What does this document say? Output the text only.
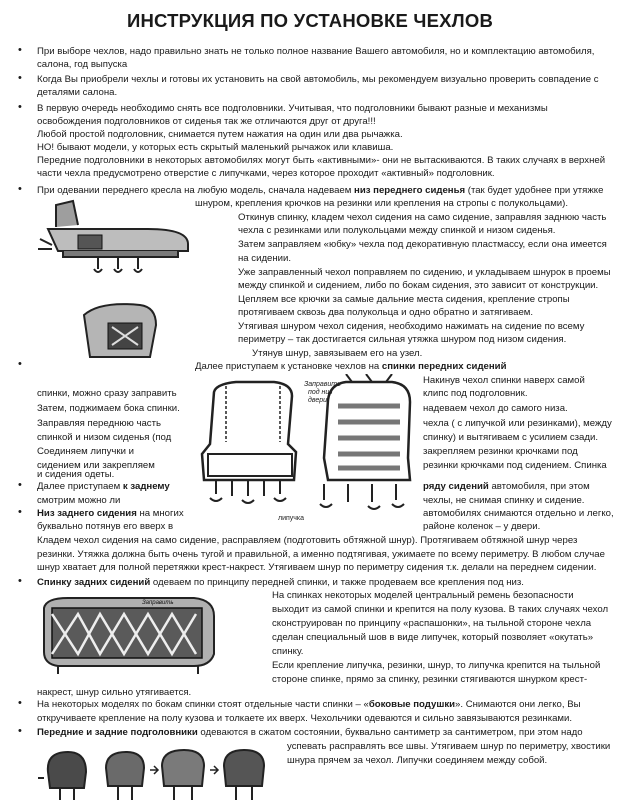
ИНСТРУКЦИЯ ПО УСТАНОВКЕ ЧЕХЛОВ
•
•
•
•
•
•
•
•
•
•
При выборе чехлов, надо правильно знать не только полное название Вашего автомобиля, но и комплектацию автомобиля,
салона, год выпуска
Когда Вы приобрели чехлы и готовы их установить на свой автомобиль, мы рекомендуем визуально проверить совпадение с
деталями салона.
В первую очередь необходимо снять все подголовники. Учитывая, что подголовники бывают разные и механизмы
освобождения подголовников от сиденья так же отличаются друг от друга!!!
Любой простой подголовник, снимается путем нажатия на один или два рычажка.
НО! бывают модели, у которых есть скрытый маленький рычажок или клавиша.
Передние подголовники в некоторых автомобилях могут быть «активными»- они не вытаскиваются. В таких случаях в верхней
части чехла предусмотрено отверстие с липучками, через которое проходит «активный» подголовник.
При одевании переднего кресла на любую модель, сначала надеваем низ переднего сиденья (так будет удобнее при утяжке
шнуром, крепления крючков на резинки или крепления на стропы с полукольцами).
Откинув спинку, кладем чехол сидения на само сидение, заправляя заднюю часть
чехла с резинками или полукольцами между спинкой и низом сиденья.
Затем заправляем «юбку» чехла под декоративную пластмассу, если она имеется
на сидении.
Уже заправленный чехол поправляем по сидению, и укладываем шнурок в проемы
между спинкой и сидением, либо по бокам сидения, это зависит от конструкции.
Цепляем все крючки за самые дальние места сидения, крепление стропы
протягиваем сквозь два полукольца и одно обратно и затягиваем.
Утягивая шнуром чехол сидения, необходимо нажимать на сидение по всему
периметру – так достигается сильная утяжка шнуром под низом сидения.
Утянув шнур, завязываем его на узел.
Далее приступаем к установке чехлов на спинки передних сидений
Накинув чехол спинки наверх самой
клипс под подголовник.
надеваем чехол до самого низа.
чехла ( с липучкой или резинками), между
спинку) и вытягиваем с усилием сзади.
закрепляем резинки крючками под
резинки крючками под сидением. Спинка
спинки, можно сразу заправить
Затем, поджимаем бока спинки.
Заправляя переднюю часть
спинкой и низом сиденья (под
Соединяем липучки и
сидением или закрепляем
и сидения одеты.
Заправить
под низ
двери
липучка
Далее приступаем к заднему
смотрим можно ли
ряду сидений автомобиля, при этом
чехлы, не снимая спинку и сидение.
Низ заднего сидения на многих
буквально потянув его вверх в
автомобилях снимаются отдельно и легко,
районе коленок – у двери.
Кладем чехол сидения на само сидение, расправляем (подготовить обтяжной шнур). Протягиваем обтяжной шнур через
резинки. Утяжка должна быть очень тугой и правильной, а именно подтягивая, ужимаете по всему периметру. В любом случае
шнур хватает для полной перетяжки крест-накрест. Утягиваем шнур по периметру сидения т.к. делали на переднем сидении.
Спинку задних сидений одеваем по принципу передней спинки, и также продеваем все крепления под низ.
На спинках некоторых моделей центральный ремень безопасности
выходит из самой спинки и крепится на полу кузова. В таких случаях чехол
сконструирован по принципу «распашонки», на тыльной стороне чехла
сделан специальный шов в виде липучек, который позволяет «окутать»
спинку.
Если крепление липучка, резинки, шнур, то липучка крепится на тыльной
стороне спинке, прямо за спинку, резинки стягиваются шнурком крест-
накрест, шнур сильно утягивается.
Заправить
На некоторых моделях по бокам спинки стоят отдельные части спинки – «боковые подушки». Снимаются они легко, Вы
откручиваете крепление на полу кузова и толкаете их вверх. Чехольчики одеваются и сильно завязываются резинками.
Передние и задние подголовники одеваются в сжатом состоянии, буквально сантиметр за сантиметром, при этом надо
успевать расправлять все швы. Утягиваем шнур по периметру, хвостики
шнура прячем за чехол. Липучки соединяем между собой.
